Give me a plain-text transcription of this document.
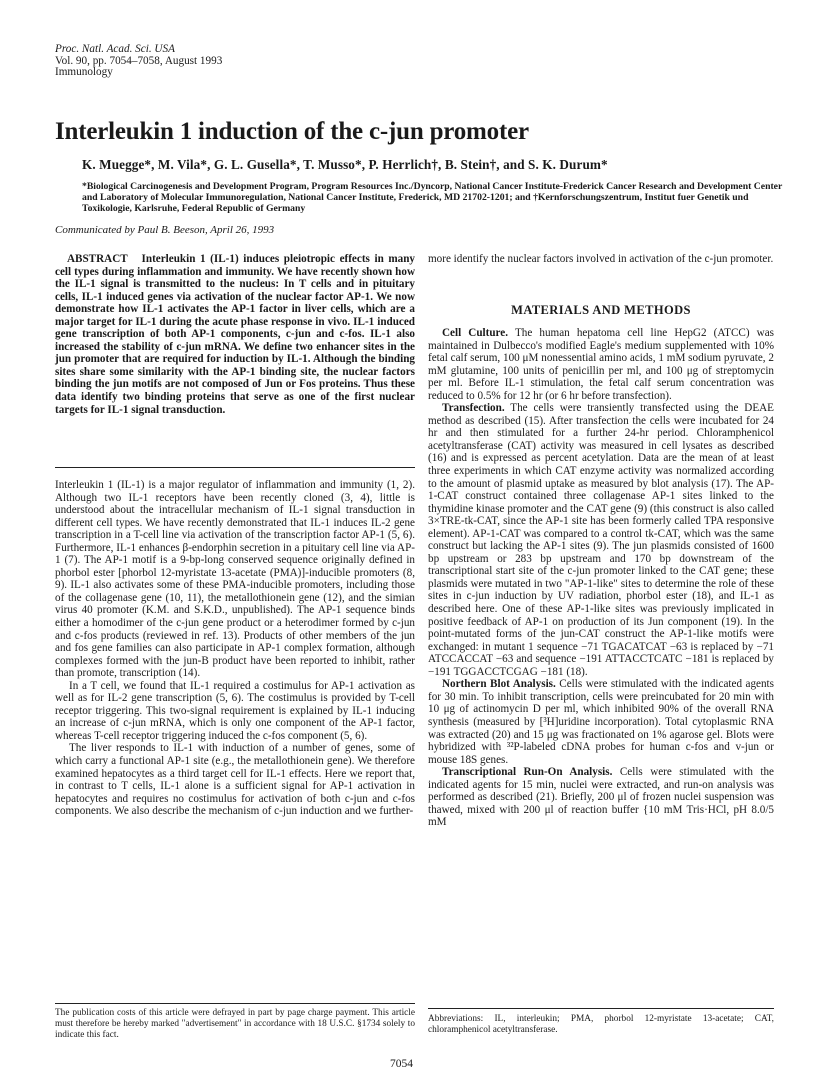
Proc. Natl. Acad. Sci. USA
Vol. 90, pp. 7054–7058, August 1993
Immunology
Interleukin 1 induction of the c-jun promoter
K. Muegge*, M. Vila*, G. L. Gusella*, T. Musso*, P. Herrlich†, B. Stein†, and S. K. Durum*
*Biological Carcinogenesis and Development Program, Program Resources Inc./Dyncorp, National Cancer Institute-Frederick Cancer Research and Development Center and Laboratory of Molecular Immunoregulation, National Cancer Institute, Frederick, MD 21702-1201; and †Kernforschungszentrum, Institut fuer Genetik und Toxikologie, Karlsruhe, Federal Republic of Germany
Communicated by Paul B. Beeson, April 26, 1993

ABSTRACT Interleukin 1 (IL-1) induces pleiotropic effects in many cell types during inflammation and immunity. We have recently shown how the IL-1 signal is transmitted to the nucleus: In T cells and in pituitary cells, IL-1 induced genes via activation of the nuclear factor AP-1. We now demonstrate how IL-1 activates the AP-1 factor in liver cells, which are a major target for IL-1 during the acute phase response in vivo. IL-1 induced gene transcription of both AP-1 components, c-jun and c-fos. IL-1 also increased the stability of c-jun mRNA. We define two enhancer sites in the jun promoter that are required for induction by IL-1. Although the binding sites share some similarity with the AP-1 binding site, the nuclear factors binding the jun motifs are not composed of Jun or Fos proteins. Thus these data identify two binding proteins that serve as one of the first nuclear targets for IL-1 signal transduction.

Interleukin 1 (IL-1) is a major regulator of inflammation and immunity (1, 2). Although two IL-1 receptors have been recently cloned (3, 4), little is understood about the intracellular mechanism of IL-1 signal transduction in different cell types. We have recently demonstrated that IL-1 induces IL-2 gene transcription in a T-cell line via activation of the transcription factor AP-1 (5, 6). Furthermore, IL-1 enhances β-endorphin secretion in a pituitary cell line via AP-1 (7). The AP-1 motif is a 9-bp-long conserved sequence originally defined in phorbol ester [phorbol 12-myristate 13-acetate (PMA)]-inducible promoters (8, 9). IL-1 also activates some of these PMA-inducible promoters, including those of the collagenase gene (10, 11), the metallothionein gene (12), and the simian virus 40 promoter (K.M. and S.K.D., unpublished). The AP-1 sequence binds either a homodimer of the c-jun gene product or a heterodimer formed by c-jun and c-fos products (reviewed in ref. 13). Products of other members of the jun and fos gene families can also participate in AP-1 complex formation, although complexes formed with the jun-B product have been reported to inhibit, rather than promote, transcription (14).

In a T cell, we found that IL-1 required a costimulus for AP-1 activation as well as for IL-2 gene transcription (5, 6). The costimulus is provided by T-cell receptor triggering. This two-signal requirement is explained by IL-1 inducing an increase of c-jun mRNA, which is only one component of the AP-1 factor, whereas T-cell receptor triggering induced the c-fos component (5, 6).

The liver responds to IL-1 with induction of a number of genes, some of which carry a functional AP-1 site (e.g., the metallothionein gene). We therefore examined hepatocytes as a third target cell for IL-1 effects. Here we report that, in contrast to T cells, IL-1 alone is a sufficient signal for AP-1 activation in hepatocytes and requires no costimulus for activation of both c-jun and c-fos components. We also describe the mechanism of c-jun induction and we further-

The publication costs of this article were defrayed in part by page charge payment. This article must therefore be hereby marked "advertisement" in accordance with 18 U.S.C. §1734 solely to indicate this fact.

more identify the nuclear factors involved in activation of the c-jun promoter.

MATERIALS AND METHODS

Cell Culture. The human hepatoma cell line HepG2 (ATCC) was maintained in Dulbecco's modified Eagle's medium supplemented with 10% fetal calf serum, 100 μM nonessential amino acids, 1 mM sodium pyruvate, 2 mM glutamine, 100 units of penicillin per ml, and 100 μg of streptomycin per ml. Before IL-1 stimulation, the fetal calf serum concentration was reduced to 0.5% for 12 hr (or 6 hr before transfection).

Transfection. The cells were transiently transfected using the DEAE method as described (15). After transfection the cells were incubated for 24 hr and then stimulated for a further 24-hr period. Chloramphenicol acetyltransferase (CAT) activity was measured in cell lysates as described (16) and is expressed as percent acetylation. Data are the mean of at least three experiments in which CAT enzyme activity was normalized according to the amount of plasmid uptake as measured by blot analysis (17). The AP-1-CAT construct contained three collagenase AP-1 sites linked to the thymidine kinase promoter and the CAT gene (9) (this construct is also called 3×TRE-tk-CAT, since the AP-1 site has been formerly called TPA responsive element). AP-1-CAT was compared to a control tk-CAT, which was the same construct but lacking the AP-1 sites (9). The jun plasmids consisted of 1600 bp upstream or 283 bp upstream and 170 bp downstream of the transcriptional start site of the c-jun promoter linked to the CAT gene; these plasmids were mutated in two "AP-1-like" sites to determine the role of these sites in c-jun induction by UV radiation, phorbol ester (18), and IL-1 as described here. One of these AP-1-like sites was previously implicated in positive feedback of AP-1 on production of its Jun component (19). In the point-mutated forms of the jun-CAT construct the AP-1-like motifs were exchanged: in mutant 1 sequence −71 TGACATCAT −63 is replaced by −71 ATCCACCAT −63 and sequence −191 ATTACCTCATC −181 is replaced by −191 TGGACCTCGAG −181 (18).

Northern Blot Analysis. Cells were stimulated with the indicated agents for 30 min. To inhibit transcription, cells were preincubated for 20 min with 10 μg of actinomycin D per ml, which inhibited 90% of the overall RNA synthesis (measured by [³H]uridine incorporation). Total cytoplasmic RNA was extracted (20) and 15 μg was fractionated on 1% agarose gel. Blots were hybridized with ³²P-labeled cDNA probes for human c-fos and v-jun or mouse 18S genes.

Transcriptional Run-On Analysis. Cells were stimulated with the indicated agents for 15 min, nuclei were extracted, and run-on analysis was performed as described (21). Briefly, 200 μl of frozen nuclei suspension was thawed, mixed with 200 μl of reaction buffer {10 mM Tris·HCl, pH 8.0/5 mM

Abbreviations: IL, interleukin; PMA, phorbol 12-myristate 13-acetate; CAT, chloramphenicol acetyltransferase.
7054
